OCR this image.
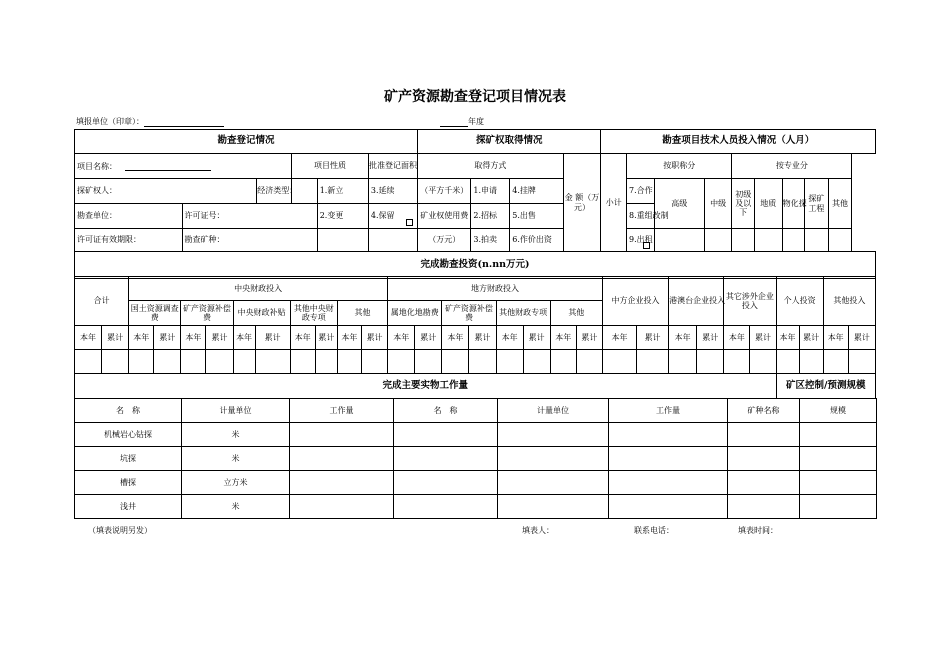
矿产资源勘查登记项目情况表
填报单位（印章）：	年度
勘查登记情况						探矿权取得情况				勘查项目技术人员投入情况（人月）								
项目名称：			项目性质		批准登记面积	取得方式			金 额（万元）	小计	按职称分			按专业分				
探矿权人：		经济类型：		1.新立	3.延续	（平方千米）	1.申请	4.挂牌			7.合作	高级	中级	初级及以下	地质	物化探	探矿工程	其他
勘查单位：	许可证号：			2.变更	4.保留	矿业权使用费	2.招标	5.出售			8.重组改制							
许可证有效期限：	勘查矿种：					（万元）	3.拍卖	6.作价出资			9.出租

完成勘查投资(n.nn万元)																		
合计		中央财政投入										地方财政投入								中方企业投入		港澳台企业投入		其它涉外企业投入		个人投资		其他投入	
		国土资源调查费		矿产资源补偿费		中央财政补贴		其他中央财政专项		其他		属地化地勘费		矿产资源补偿费		其他财政专项		其他											
本年	累计	本年	累计	本年	累计	本年	累计	本年	累计	本年	累计	本年	累计	本年	累计	本年	累计	本年	累计	本年	累计	本年	累计	本年	累计	本年	累计	本年	累计

完成主要实物工作量																										矿区控制/预测规模			
名　称	计量单位	工作量	名　称	计量单位	工作量	矿种名称	规模
机械岩心钻探	米						
坑探	米						
槽探	立方米						
浅井	米						
（填表说明另发）	填表人：	联系电话：	填表时间：
